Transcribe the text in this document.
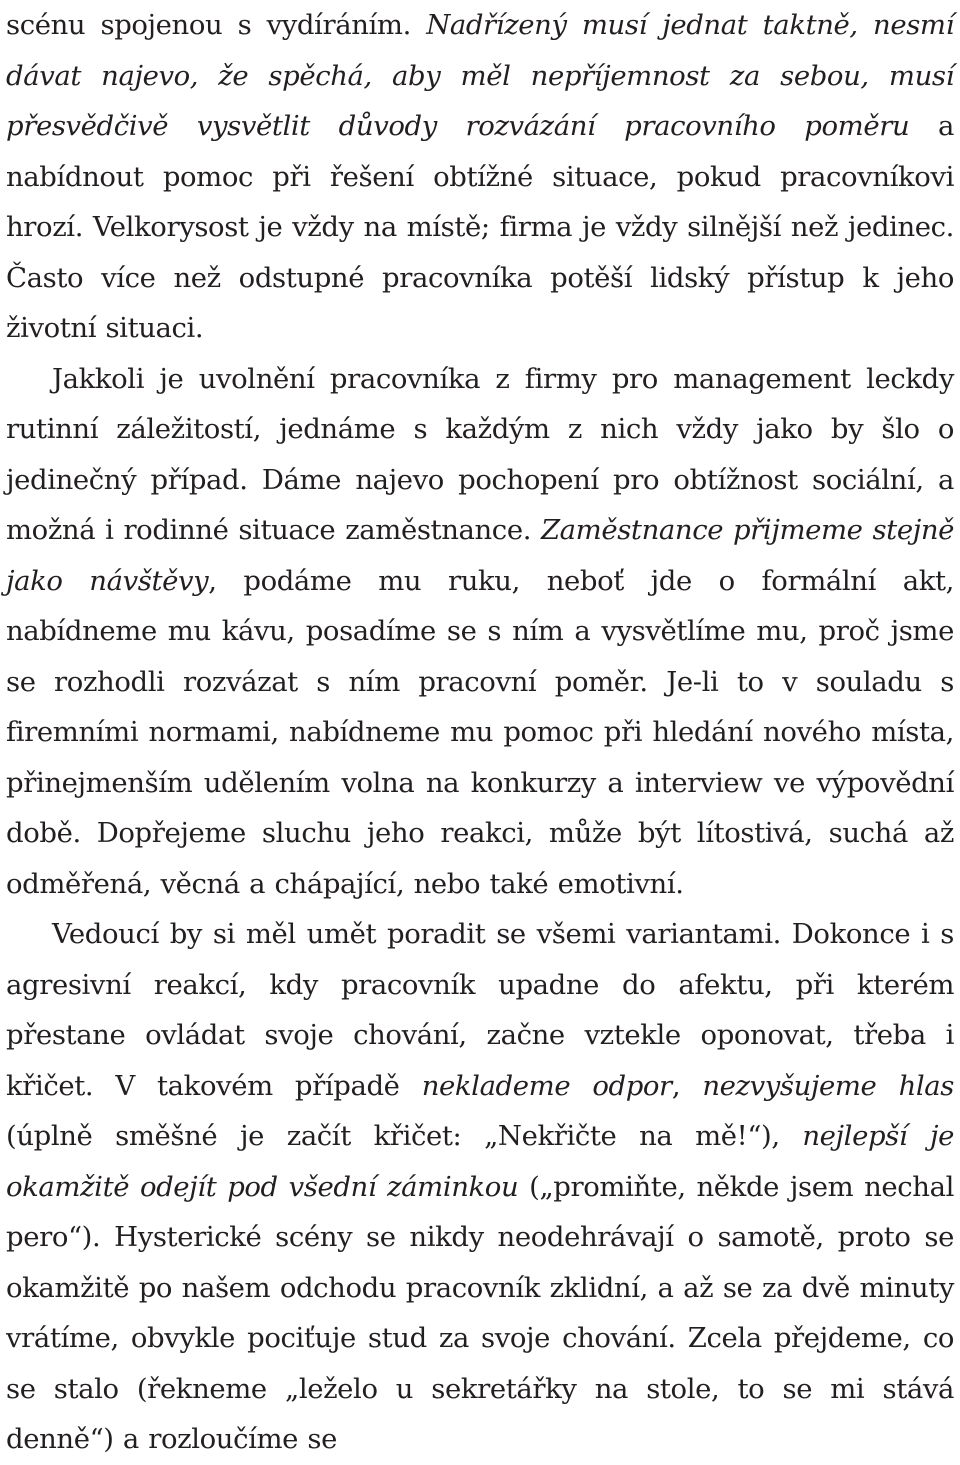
scénu spojenou s vydíráním. Nadřízený musí jednat taktně, nesmí dávat najevo, že spěchá, aby měl nepříjemnost za sebou, musí přesvědčivě vysvětlit důvody rozvázání pracovního poměru a nabídnout pomoc při řešení obtížné situace, pokud pracovníkovi hrozí. Velkorysost je vždy na místě; firma je vždy silnější než jedinec. Často více než odstupné pracovníka potěší lidský přístup k jeho životní situaci.

Jakkoli je uvolnění pracovníka z firmy pro management leckdy rutinní záležitostí, jednáme s každým z nich vždy jako by šlo o jedinečný případ. Dáme najevo pochopení pro obtížnost sociální, a možná i rodinné situace zaměstnance. Zaměstnance přijmeme stejně jako návštěvy, podáme mu ruku, neboť jde o formální akt, nabídneme mu kávu, posadíme se s ním a vysvětlíme mu, proč jsme se rozhodli rozvázat s ním pracovní poměr. Je-li to v souladu s firemními normami, nabídneme mu pomoc při hledání nového místa, přinejmenším udělením volna na konkurzy a interview ve výpovědní době. Dopřejeme sluchu jeho reakci, může být lítostivá, suchá až odměřená, věcná a chápající, nebo také emotivní.

Vedoucí by si měl umět poradit se všemi variantami. Dokonce i s agresivní reakcí, kdy pracovník upadne do afektu, při kterém přestane ovládat svoje chování, začne vztekle oponovat, třeba i křičet. V takovém případě neklademe odpor, nezvyšujeme hlas (úplně směšné je začít křičet: „Nekřičte na mě!“), nejlepší je okamžitě odejít pod všední záminkou („promiňte, někde jsem nechal pero“). Hysterické scény se nikdy neodehrávají o samotě, proto se okamžitě po našem odchodu pracovník zklidní, a až se za dvě minuty vrátíme, obvykle pociťuje stud za svoje chování. Zcela přejdeme, co se stalo (řekneme „leželo u sekretářky na stole, to se mi stává denně“) a rozloučíme se
